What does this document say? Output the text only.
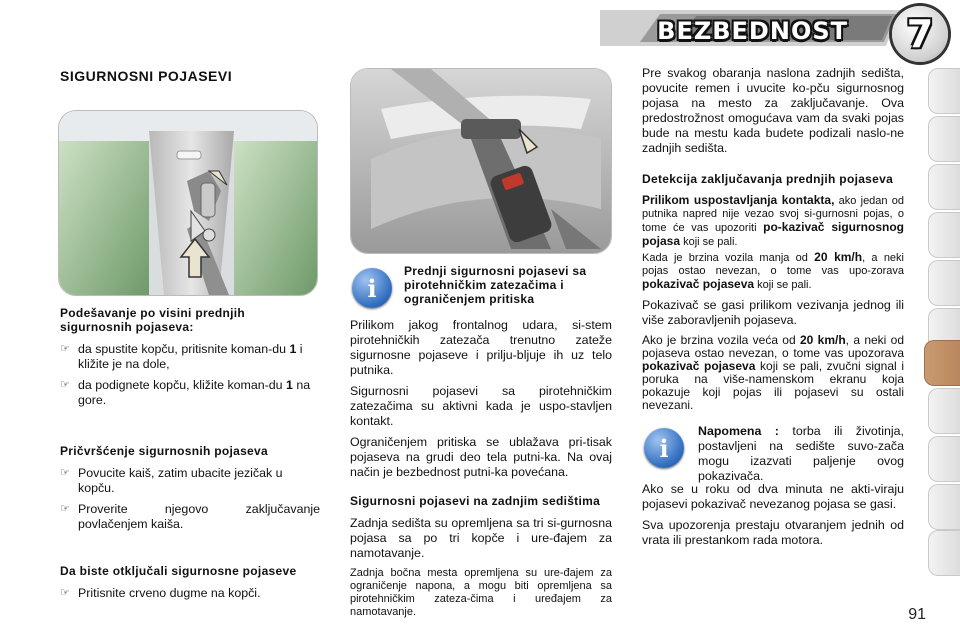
BEZBEDNOST 7
SIGURNOSNI POJASEVI
Podešavanje po visini prednjih sigurnosnih pojaseva:
☞ da spustite kopču, pritisnite koman-du 1 i kližite je na dole,
☞ da podignete kopču, kližite koman-du 1 na gore.
Pričvršćenje sigurnosnih pojaseva
☞ Povucite kaiš, zatim ubacite jezičak u kopču.
☞ Proverite njegovo zaključavanje povlačenjem kaiša.
Da biste otključali sigurnosne pojaseve
☞ Pritisnite crveno dugme na kopči.
i
Prednji sigurnosni pojasevi sa pirotehničkim zatezačima i ograničenjem pritiska

Prilikom jakog frontalnog udara, si-stem pirotehničkih zatezača trenutno zateže sigurnosne pojaseve i prilju-bljuje ih uz telo putnika.

Sigurnosni pojasevi sa pirotehničkim zatezačima su aktivni kada je uspo-stavljen kontakt.

Ograničenjem pritiska se ublažava pri-tisak pojaseva na grudi deo tela putni-ka. Na ovaj način je bezbednost putni-ka povećana.

Sigurnosni pojasevi na zadnjim sedištima

Zadnja sedišta su opremljena sa tri si-gurnosna pojasa sa po tri kopče i ure-đajem za namotavanje.

Zadnja bočna mesta opremljena su ure-đajem za ograničenje napona, a mogu biti opremljena sa pirotehničkim zateza-čima i uređajem za namotavanje.

Pre svakog obaranja naslona zadnjih sedišta, povucite remen i uvucite ko-pču sigurnosnog pojasa na mesto za zaključavanje. Ova predostrožnost omogućava vam da svaki pojas bude na mestu kada budete podizali naslo-ne zadnjih sedišta.

Detekcija zaključavanja prednjih pojaseva

Prilikom uspostavljanja kontakta, ako jedan od putnika napred nije vezao svoj si-gurnosni pojas, o tome će vas upozoriti po-kazivač sigurnosnog pojasa koji se pali.

Kada je brzina vozila manja od 20 km/h, a neki pojas ostao nevezan, o tome vas upo-zorava pokazivač pojaseva koji se pali.

Pokazivač se gasi prilikom vezivanja jednog ili više zaboravljenih pojaseva.

Ako je brzina vozila veća od 20 km/h, a neki od pojaseva ostao nevezan, o tome vas upozorava pokazivač pojaseva koji se pali, zvučni signal i poruka na više-namenskom ekranu koja pokazuje koji pojas ili pojasevi su ostali nevezani.

i
Napomena : torba ili životinja, postavljeni na sedište suvo-zača mogu izazvati paljenje ovog pokazivača.

Ako se u roku od dva minuta ne akti-viraju pojasevi pokazivač nevezanog pojasa se gasi.

Sva upozorenja prestaju otvaranjem jednih od vrata ili prestankom rada motora.

91
